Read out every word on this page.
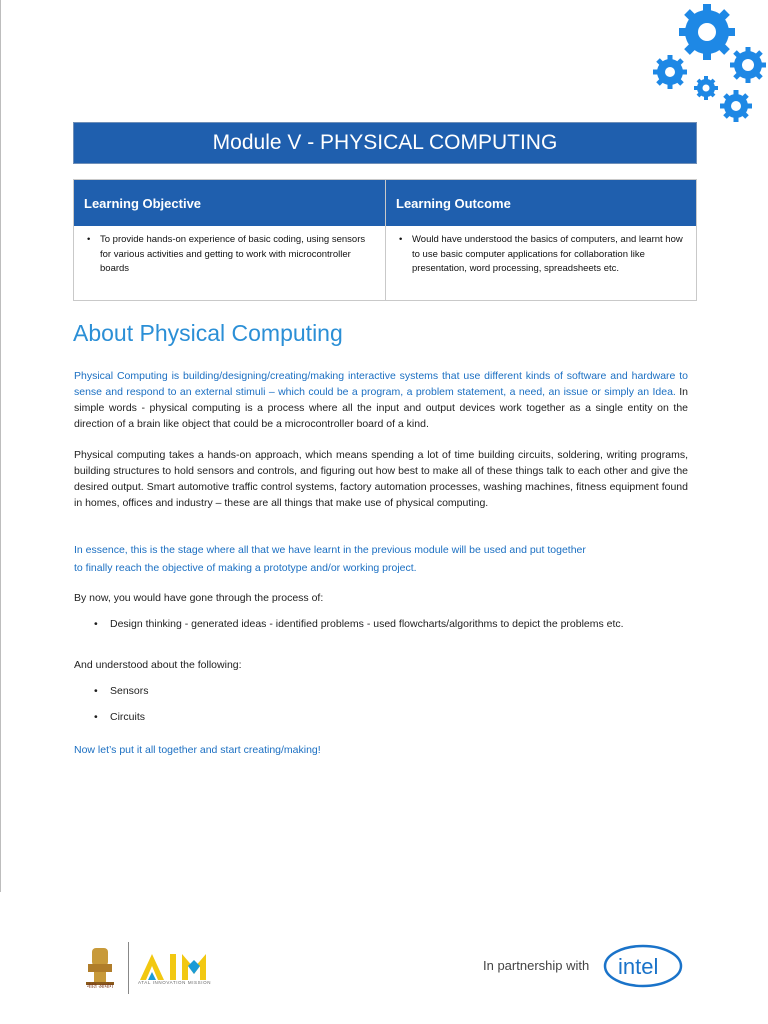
Module V - PHYSICAL COMPUTING
Learning Objective	Learning Outcome
• To provide hands-on experience of basic coding, using sensors for various activities and getting to work with microcontroller boards
• Would have understood the basics of computers, and learnt how to use basic computer applications for collaboration like presentation, word processing, spreadsheets etc.
About Physical Computing

Physical Computing is building/designing/creating/making interactive systems that use different kinds of software and hardware to sense and respond to an external stimuli – which could be a program, a problem statement, a need, an issue or simply an Idea. In simple words - physical computing is a process where all the input and output devices work together as a single entity on the direction of a brain like object that could be a microcontroller board of a kind.

Physical computing takes a hands-on approach, which means spending a lot of time building circuits, soldering, writing programs, building structures to hold sensors and controls, and figuring out how best to make all of these things talk to each other and give the desired output. Smart automotive traffic control systems, factory automation processes, washing machines, fitness equipment found in homes, offices and industry – these are all things that make use of physical computing.

In essence, this is the stage where all that we have learnt in the previous module will be used and put together
to finally reach the objective of making a prototype and/or working project.

By now, you would have gone through the process of:

• Design thinking - generated ideas - identified problems - used flowcharts/algorithms to depict the problems etc.

And understood about the following:

• Sensors
• Circuits

Now let’s put it all together and start creating/making!

नीति आयोग
ATAL INNOVATION MISSION
In partnership with intel
